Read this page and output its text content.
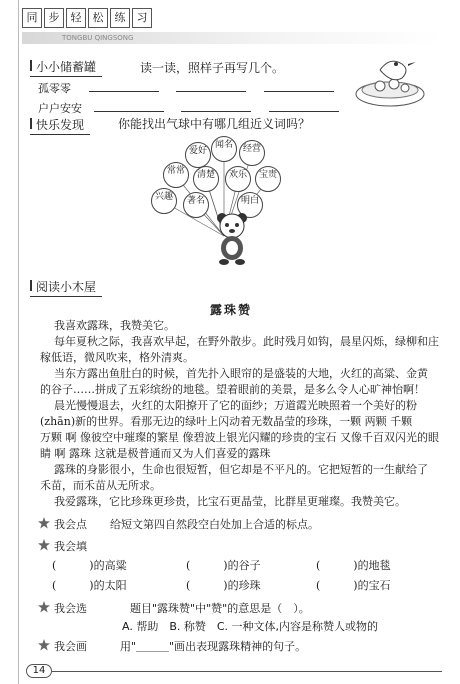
同	步	轻	松	练	习
TONGBU QINGSONG
小小储蓄罐	读一读，照样子再写几个。
孤零零
户户安安
快乐发现	你能找出气球中有哪几组近义词吗？
爱好
闻名	经营
常常	清楚	欢乐	宝贵
兴趣	著名	明白
阅读小木屋
露珠赞
我喜欢露珠，我赞美它。
每年夏秋之际，我喜欢早起，在野外散步。此时残月如钩，晨星闪烁，绿柳和庄
稼低语，微风吹来，格外清爽。
当东方露出鱼肚白的时候，首先扑入眼帘的是盛装的大地，火红的高粱、金黄
的谷子……拼成了五彩缤纷的地毯。望着眼前的美景，是多么令人心旷神怡啊！
晨光慢慢退去，火红的太阳撩开了它的面纱；万道霞光映照着一个美好的粉
(zhān)新的世界。看那无边的绿叶上闪动着无数晶莹的珍珠，一颗 两颗 千颗
万颗 啊 像彼空中璀璨的繁星 像碧波上银光闪耀的珍贵的宝石 又像千百双闪光的眼
睛 啊 露珠 这就是极普通而又为人们喜爱的露珠
露珠的身影很小，生命也很短暂，但它却是不平凡的。它把短暂的一生献给了
禾苗，而禾苗从无所求。
我爱露珠，它比珍珠更珍贵，比宝石更晶莹，比群星更璀璨。我赞美它。
我会点 给短文第四自然段空白处加上合适的标点。
我会填
(　　　)的高粱	(　　　)的谷子	(　　　)的地毯
(　　　)的太阳	(　　　)的珍珠	(　　　)的宝石
我会选	题目"露珠赞"中"赞"的意思是（　）。
A. 帮助　B. 称赞　C. 一种文体,内容是称赞人或物的
我会画	用"＿＿＿"画出表现露珠精神的句子。
14
